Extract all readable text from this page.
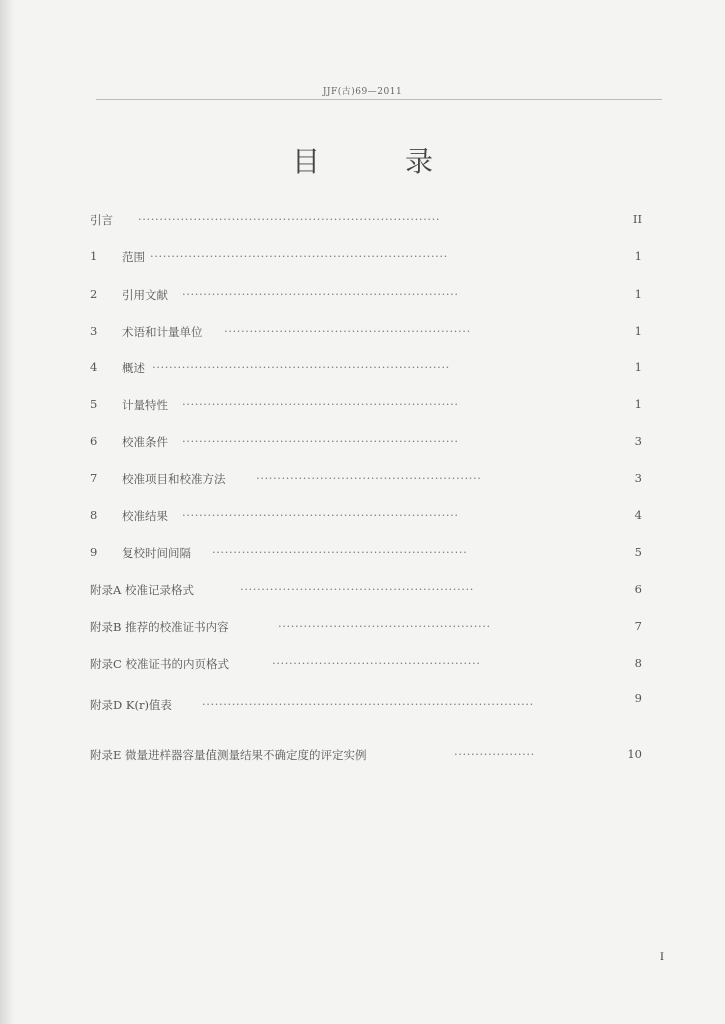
JJF(古)69—2011
目	录
引言 ·······································································	II
1	范围 ······································································	1
2	引用文献 ·································································	1
3	术语和计量单位 ··························································	1
4	概述 ······································································	1
5	计量特性 ·································································	1
6	校准条件 ·································································	3
7	校准项目和校准方法	·····················································	3
8	校准结果 ·································································	4
9	复校时间间隔 ····························································	5
附录A 校准记录格式	·······················································	6
附录B 推荐的校准证书内容	··················································	7
附录C 校准证书的内页格式	·················································	8
附录D K(r)值表	··············································································	9
附录E 微量进样器容量值测量结果不确定度的评定实例	···················	10
I
